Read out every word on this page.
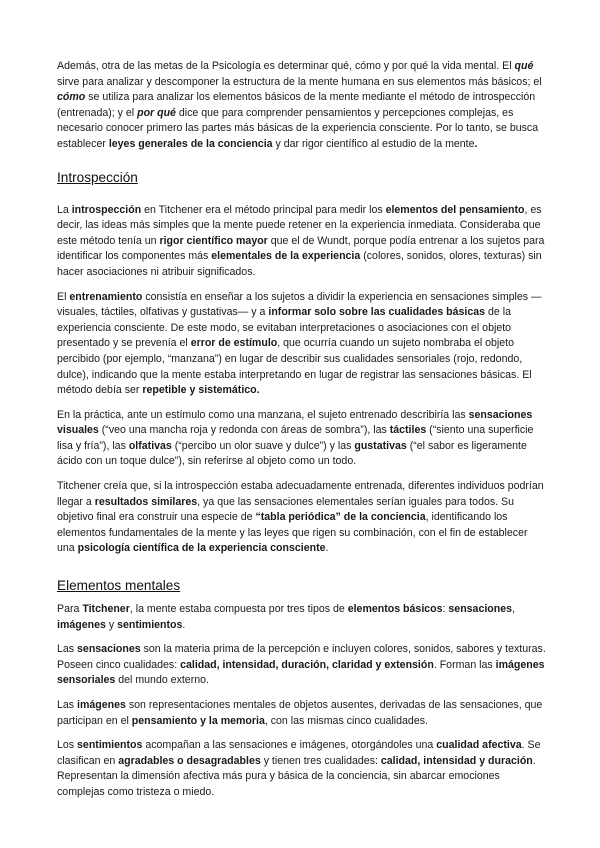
Además, otra de las metas de la Psicología es determinar qué, cómo y por qué la vida mental. El qué sirve para analizar y descomponer la estructura de la mente humana en sus elementos más básicos; el cómo se utiliza para analizar los elementos básicos de la mente mediante el método de introspección (entrenada); y el por qué dice que para comprender pensamientos y percepciones complejas, es necesario conocer primero las partes más básicas de la experiencia consciente. Por lo tanto, se busca establecer leyes generales de la conciencia y dar rigor científico al estudio de la mente.

Introspección

La introspección en Titchener era el método principal para medir los elementos del pensamiento, es decir, las ideas más simples que la mente puede retener en la experiencia inmediata. Consideraba que este método tenía un rigor científico mayor que el de Wundt, porque podía entrenar a los sujetos para identificar los componentes más elementales de la experiencia (colores, sonidos, olores, texturas) sin hacer asociaciones ni atribuir significados.

El entrenamiento consistía en enseñar a los sujetos a dividir la experiencia en sensaciones simples —visuales, táctiles, olfativas y gustativas— y a informar solo sobre las cualidades básicas de la experiencia consciente. De este modo, se evitaban interpretaciones o asociaciones con el objeto presentado y se prevenía el error de estímulo, que ocurría cuando un sujeto nombraba el objeto percibido (por ejemplo, “manzana”) en lugar de describir sus cualidades sensoriales (rojo, redondo, dulce), indicando que la mente estaba interpretando en lugar de registrar las sensaciones básicas. El método debía ser repetible y sistemático.

En la práctica, ante un estímulo como una manzana, el sujeto entrenado describiría las sensaciones visuales (“veo una mancha roja y redonda con áreas de sombra”), las táctiles (“siento una superficie lisa y fría”), las olfativas (“percibo un olor suave y dulce”) y las gustativas (“el sabor es ligeramente ácido con un toque dulce”), sin referirse al objeto como un todo.

Titchener creía que, si la introspección estaba adecuadamente entrenada, diferentes individuos podrían llegar a resultados similares, ya que las sensaciones elementales serían iguales para todos. Su objetivo final era construir una especie de “tabla periódica” de la conciencia, identificando los elementos fundamentales de la mente y las leyes que rigen su combinación, con el fin de establecer una psicología científica de la experiencia consciente.

Elementos mentales

Para Titchener, la mente estaba compuesta por tres tipos de elementos básicos: sensaciones, imágenes y sentimientos.

Las sensaciones son la materia prima de la percepción e incluyen colores, sonidos, sabores y texturas. Poseen cinco cualidades: calidad, intensidad, duración, claridad y extensión. Forman las imágenes sensoriales del mundo externo.

Las imágenes son representaciones mentales de objetos ausentes, derivadas de las sensaciones, que participan en el pensamiento y la memoria, con las mismas cinco cualidades.

Los sentimientos acompañan a las sensaciones e imágenes, otorgándoles una cualidad afectiva. Se clasifican en agradables o desagradables y tienen tres cualidades: calidad, intensidad y duración. Representan la dimensión afectiva más pura y básica de la conciencia, sin abarcar emociones complejas como tristeza o miedo.
